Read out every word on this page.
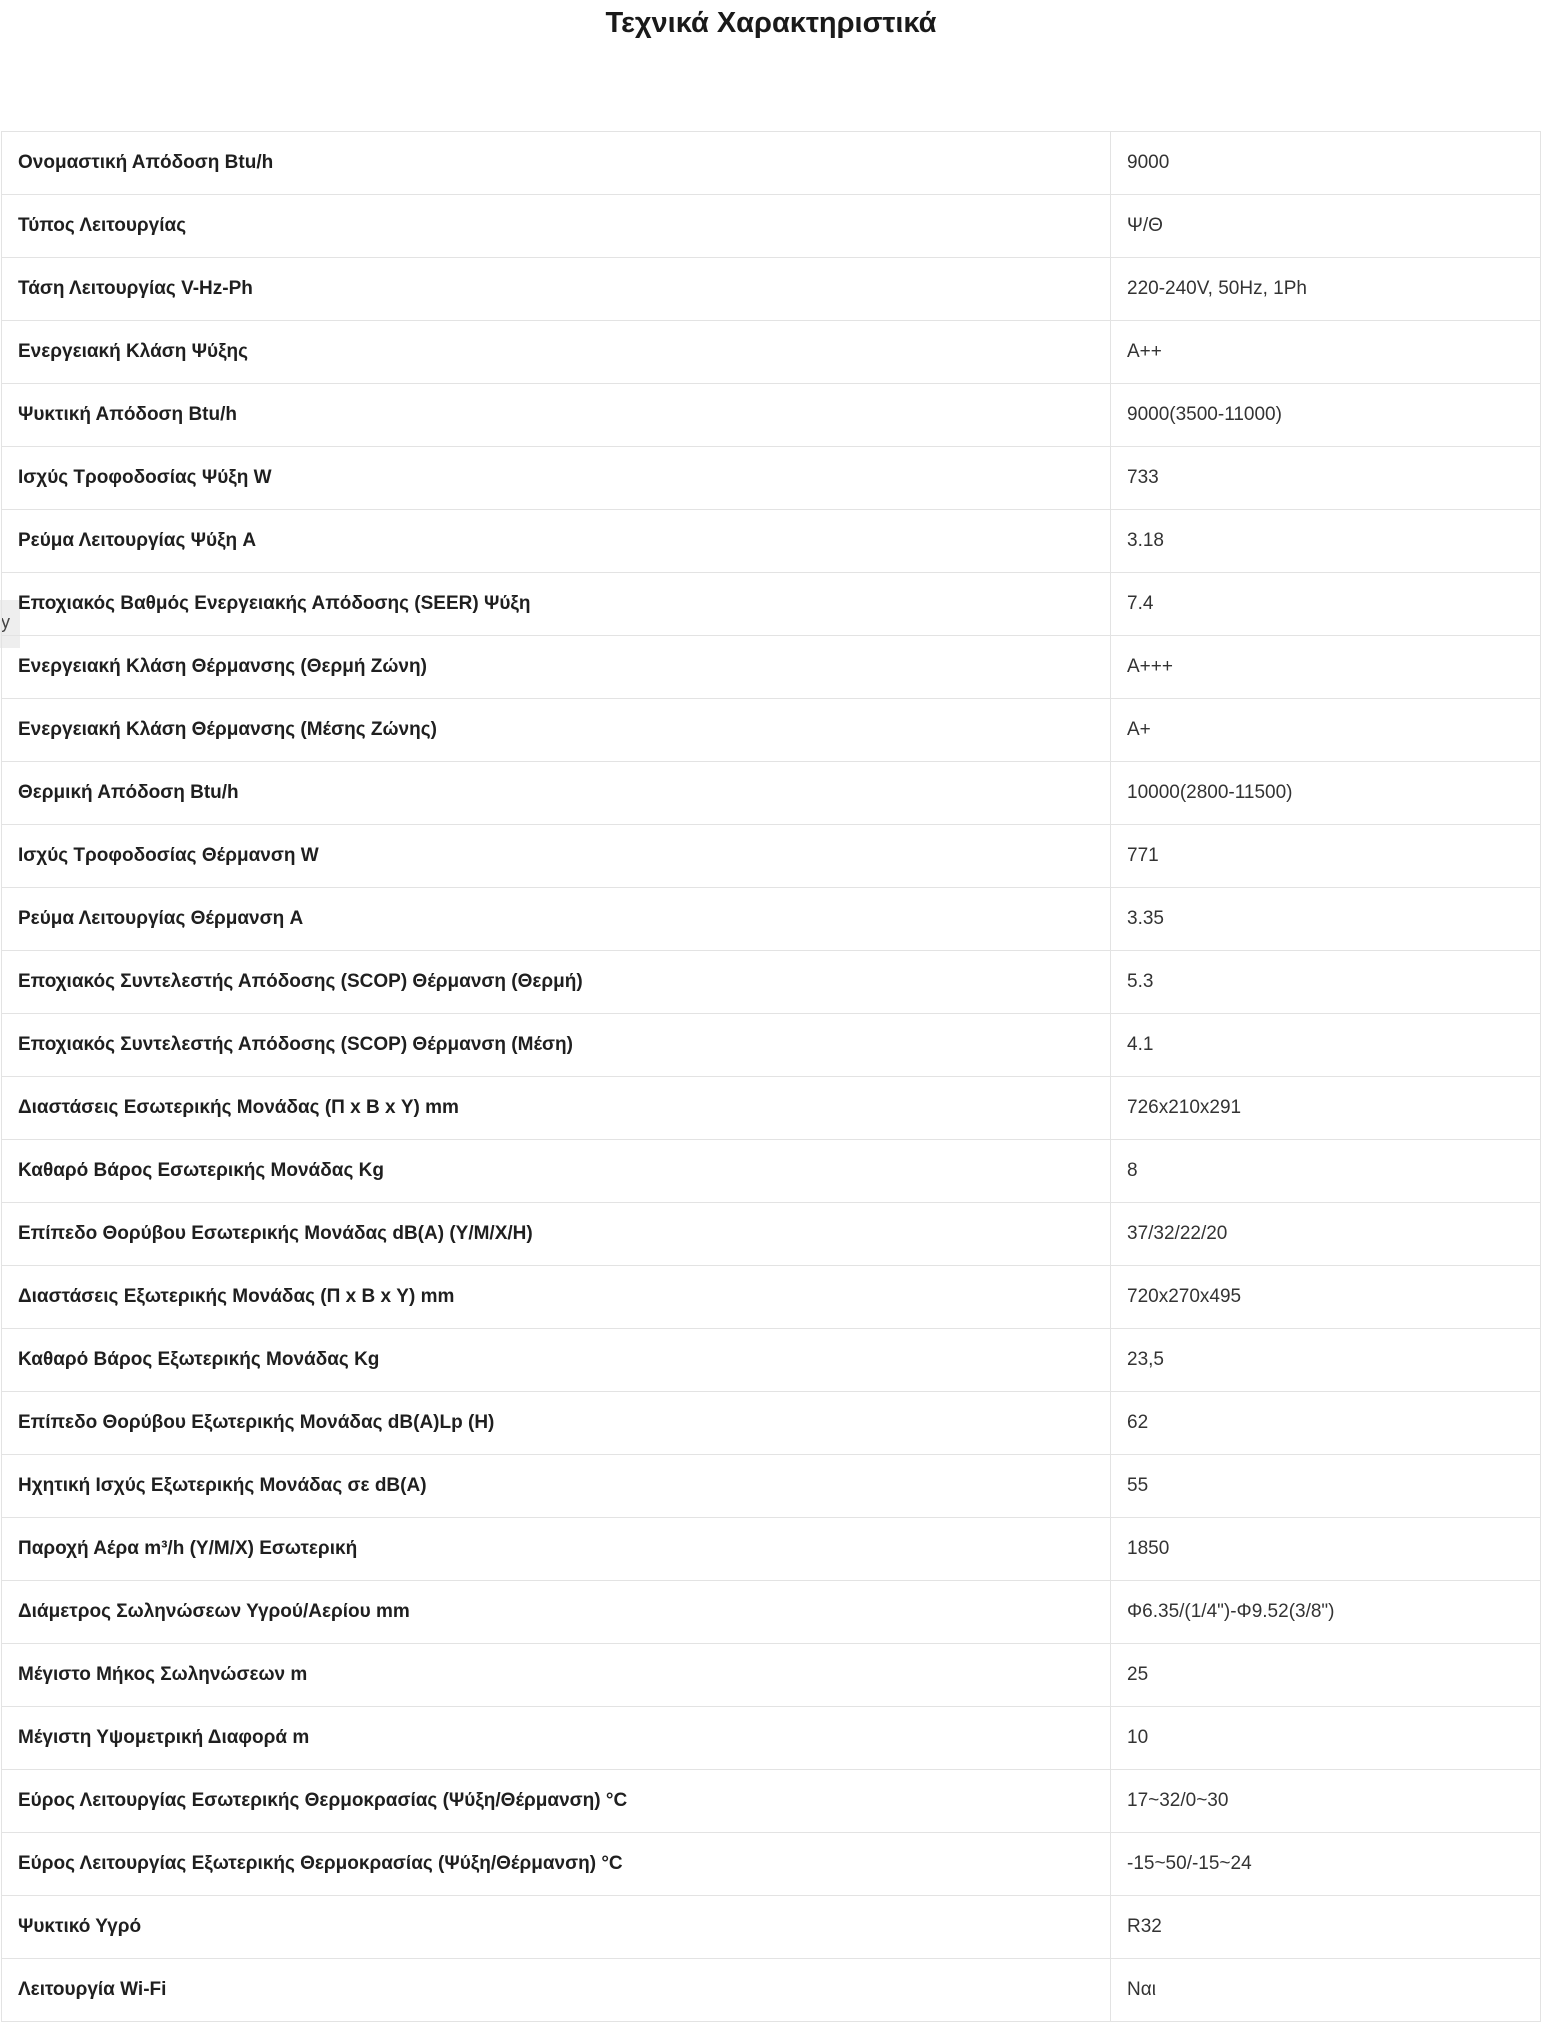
Τεχνικά Χαρακτηριστικά
y
Ονομαστική Απόδοση Btu/h	9000
Τύπος Λειτουργίας	Ψ/Θ
Τάση Λειτουργίας V-Hz-Ph	220-240V, 50Hz, 1Ph
Ενεργειακή Κλάση Ψύξης	A++
Ψυκτική Απόδοση Btu/h	9000(3500-11000)
Ισχύς Τροφοδοσίας Ψύξη W	733
Ρεύμα Λειτουργίας Ψύξη A	3.18
Εποχιακός Βαθμός Ενεργειακής Απόδοσης (SEER) Ψύξη	7.4
Ενεργειακή Κλάση Θέρμανσης (Θερμή Ζώνη)	A+++
Ενεργειακή Κλάση Θέρμανσης (Μέσης Ζώνης)	A+
Θερμική Απόδοση Btu/h	10000(2800-11500)
Ισχύς Τροφοδοσίας Θέρμανση W	771
Ρεύμα Λειτουργίας Θέρμανση A	3.35
Εποχιακός Συντελεστής Απόδοσης (SCOP) Θέρμανση (Θερμή)	5.3
Εποχιακός Συντελεστής Απόδοσης (SCOP) Θέρμανση (Μέση)	4.1
Διαστάσεις Εσωτερικής Μονάδας (Π x Β x Υ) mm	726x210x291
Καθαρό Βάρος Εσωτερικής Μονάδας Kg	8
Επίπεδο Θορύβου Εσωτερικής Μονάδας dB(A) (Y/M/X/H)	37/32/22/20
Διαστάσεις Εξωτερικής Μονάδας (Π x Β x Υ) mm	720x270x495
Καθαρό Βάρος Εξωτερικής Μονάδας Kg	23,5
Επίπεδο Θορύβου Εξωτερικής Μονάδας dB(A)Lp (H)	62
Ηχητική Ισχύς Εξωτερικής Μονάδας σε dB(A)	55
Παροχή Αέρα m³/h (Y/M/X) Εσωτερική	1850
Διάμετρος Σωληνώσεων Υγρού/Αερίου mm	Φ6.35/(1/4")-Φ9.52(3/8")
Μέγιστο Μήκος Σωληνώσεων m	25
Μέγιστη Υψομετρική Διαφορά m	10
Εύρος Λειτουργίας Εσωτερικής Θερμοκρασίας (Ψύξη/Θέρμανση) °C	17~32/0~30
Εύρος Λειτουργίας Εξωτερικής Θερμοκρασίας (Ψύξη/Θέρμανση) °C	-15~50/-15~24
Ψυκτικό Υγρό	R32
Λειτουργία Wi-Fi	Ναι
